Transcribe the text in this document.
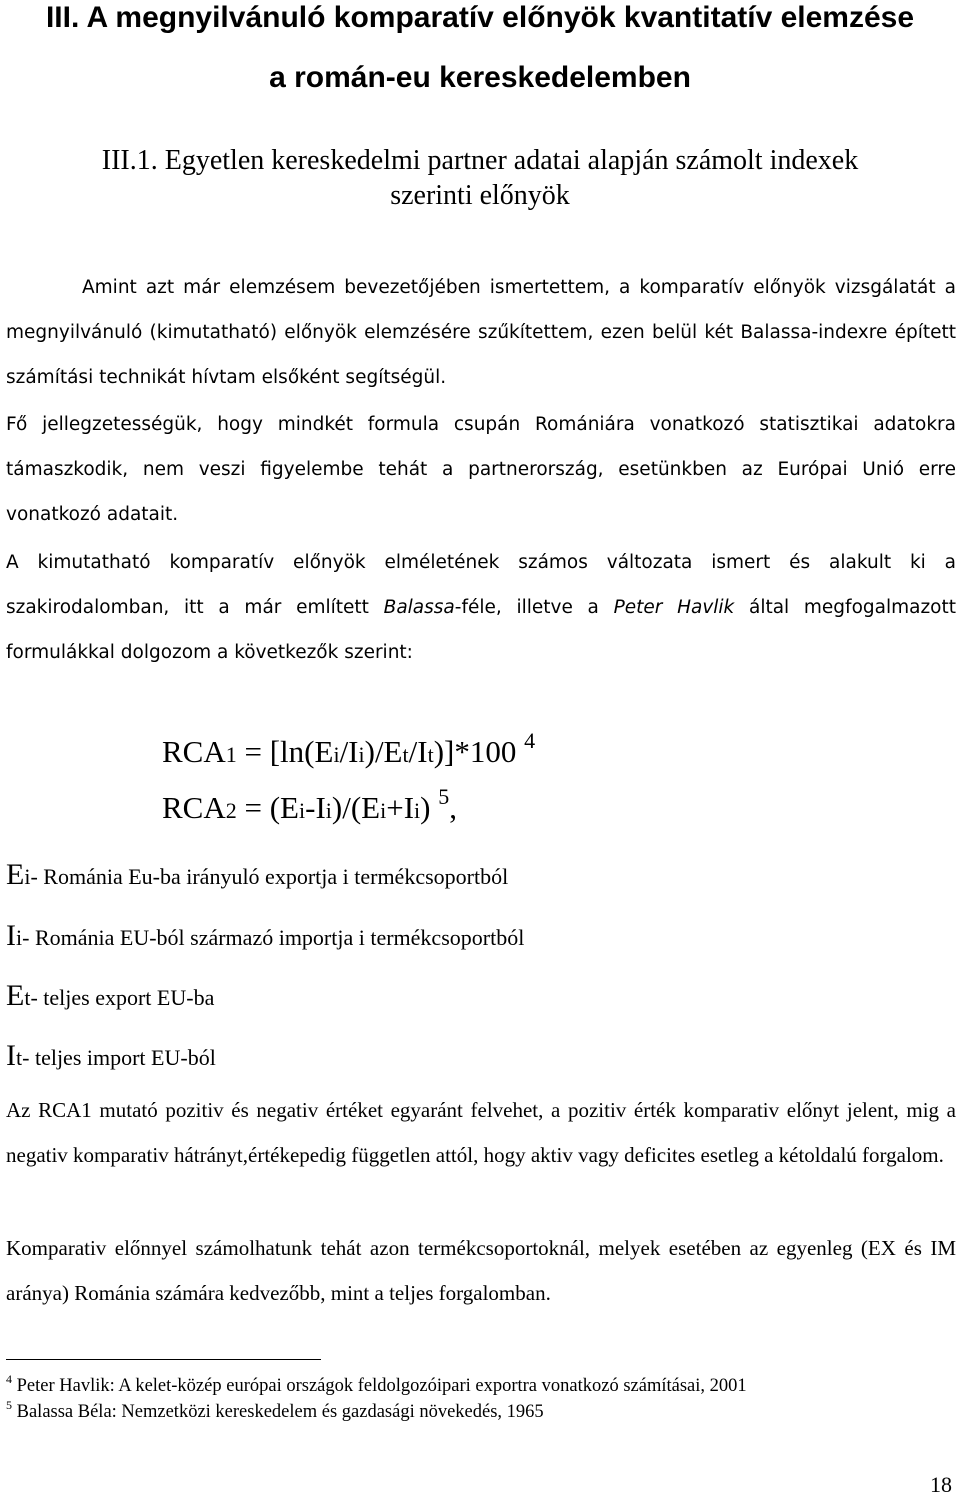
III. A megnyilvánuló komparatív előnyök kvantitatív elemzése
a román-eu kereskedelemben
III.1. Egyetlen kereskedelmi partner adatai alapján számolt indexek
szerinti előnyök

Amint azt már elemzésem bevezetőjében ismertettem, a komparatív előnyök vizsgálatát a megnyilvánuló (kimutatható) előnyök elemzésére szűkítettem, ezen belül két Balassa-indexre épített számítási technikát hívtam elsőként segítségül.

Fő jellegzetességük, hogy mindkét formula csupán Romániára vonatkozó statisztikai adatokra támaszkodik, nem veszi figyelembe tehát a partnerország, esetünkben az Európai Unió erre vonatkozó adatait.

A kimutatható komparatív előnyök elméletének számos változata ismert és alakult ki a szakirodalomban, itt a már említett Balassa-féle, illetve a Peter Havlik által megfogalmazott formulákkal dolgozom a következők szerint:

RCA1 = [ln(Ei/Ii)/Et/It)]*100 $^4$
RCA2 = (Ei-Ii)/(Ei+Ii) $^5$,
Ei- Románia Eu-ba irányuló exportja i termékcsoportból
Ii- Románia EU-ból származó importja i termékcsoportból
Et- teljes export EU-ba
It- teljes import EU-ból

Az RCA1 mutató pozitiv és negativ értéket egyaránt felvehet, a pozitiv érték komparativ előnyt jelent, mig a negativ komparativ hátrányt,értékepedig független attól, hogy aktiv vagy deficites esetleg a kétoldalú forgalom.

Komparativ előnnyel számolhatunk tehát azon termékcsoportoknál, melyek esetében az egyenleg (EX és IM aránya) Románia számára kedvezőbb, mint a teljes forgalomban.

$^4$ Peter Havlik: A kelet-közép európai országok feldolgozóipari exportra vonatkozó számításai, 2001
$^5$ Balassa Béla: Nemzetközi kereskedelem és gazdasági növekedés, 1965
18
